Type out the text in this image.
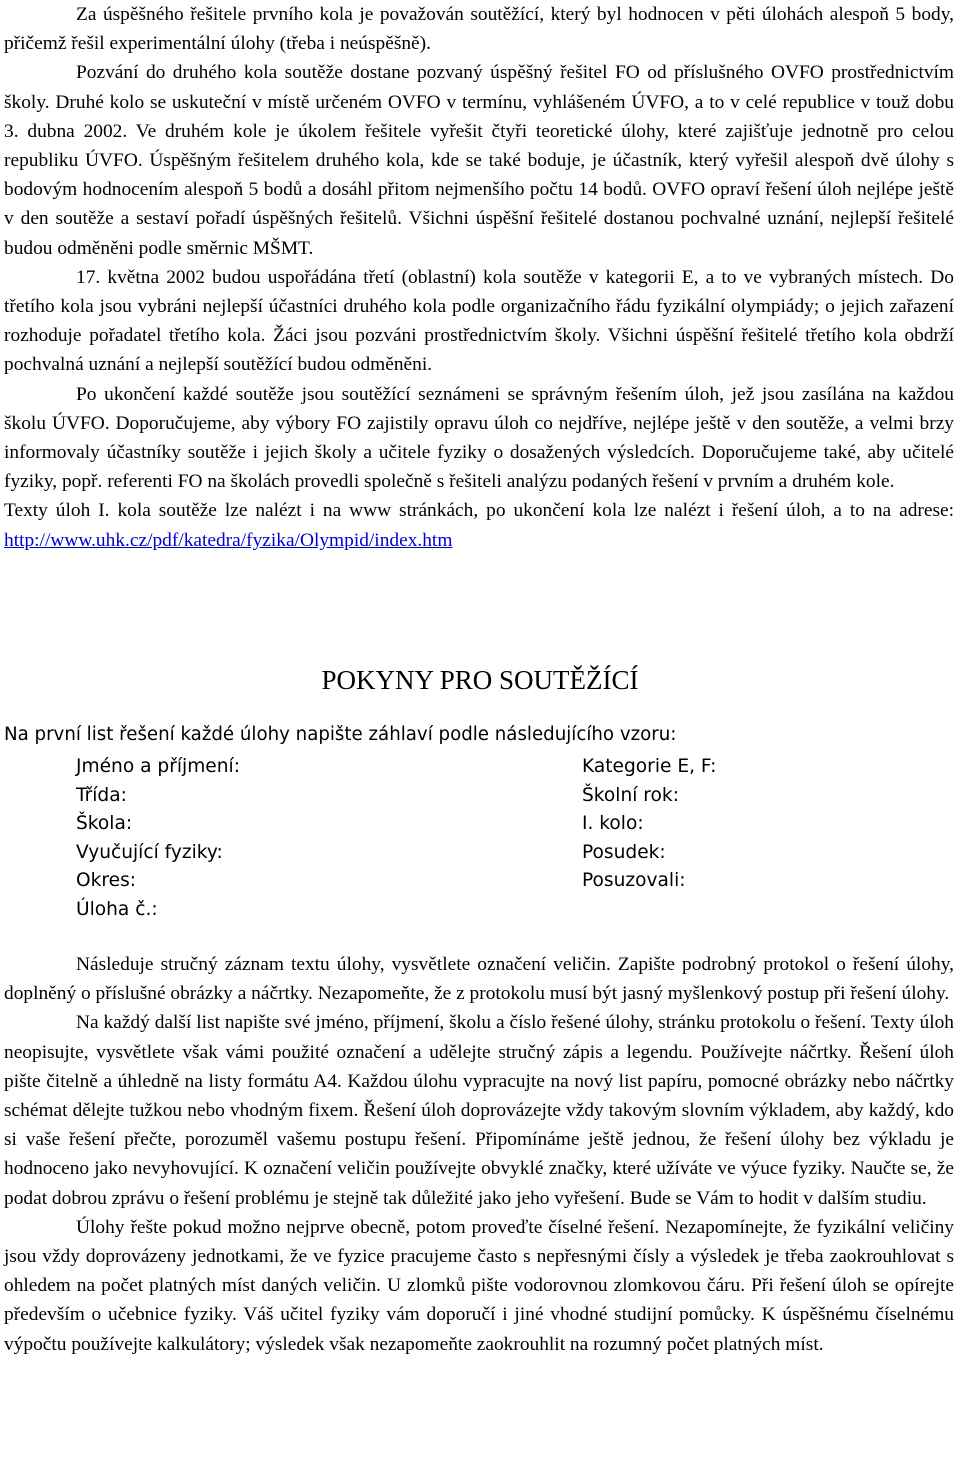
Za úspěšného řešitele prvního kola je považován soutěžící, který byl hodnocen v pěti úlohách alespoň 5 body, přičemž řešil experimentální úlohy (třeba i neúspěšně).

Pozvání do druhého kola soutěže dostane pozvaný úspěšný řešitel FO od příslušného OVFO prostřednictvím školy. Druhé kolo se uskuteční v místě určeném OVFO v termínu, vyhlášeném ÚVFO, a to v celé republice v touž dobu 3. dubna 2002. Ve druhém kole je úkolem řešitele vyřešit čtyři teoretické úlohy, které zajišťuje jednotně pro celou republiku ÚVFO. Úspěšným řešitelem druhého kola, kde se také boduje, je účastník, který vyřešil alespoň dvě úlohy s bodovým hodnocením alespoň 5 bodů a dosáhl přitom nejmenšího počtu 14 bodů. OVFO opraví řešení úloh nejlépe ještě v den soutěže a sestaví pořadí úspěšných řešitelů. Všichni úspěšní řešitelé dostanou pochvalné uznání, nejlepší řešitelé budou odměněni podle směrnic MŠMT.

17. května 2002 budou uspořádána třetí (oblastní) kola soutěže v kategorii E, a to ve vybraných místech. Do třetího kola jsou vybráni nejlepší účastníci druhého kola podle organizačního řádu fyzikální olympiády; o jejich zařazení rozhoduje pořadatel třetího kola. Žáci jsou pozváni prostřednictvím školy. Všichni úspěšní řešitelé třetího kola obdrží pochvalná uznání a nejlepší soutěžící budou odměněni.

Po ukončení každé soutěže jsou soutěžící seznámeni se správným řešením úloh, jež jsou zasílána na každou školu ÚVFO. Doporučujeme, aby výbory FO zajistily opravu úloh co nejdříve, nejlépe ještě v den soutěže, a velmi brzy informovaly účastníky soutěže i jejich školy a učitele fyziky o dosažených výsledcích. Doporučujeme také, aby učitelé fyziky, popř. referenti FO na školách provedli společně s řešiteli analýzu podaných řešení v prvním a druhém kole.

Texty úloh I. kola soutěže lze nalézt i na www stránkách, po ukončení kola lze nalézt i řešení úloh, a to na adrese: http://www.uhk.cz/pdf/katedra/fyzika/Olympid/index.htm

POKYNY PRO SOUTĚŽÍCÍ

Na první list řešení každé úlohy napište záhlaví podle následujícího vzoru:

Jméno a příjmení:	Kategorie E, F:
Třída:	Školní rok:
Škola:	I. kolo:
Vyučující fyziky:	Posudek:
Okres:	Posuzovali:
Úloha č.:

Následuje stručný záznam textu úlohy, vysvětlete označení veličin. Zapište podrobný protokol o řešení úlohy, doplněný o příslušné obrázky a náčrtky. Nezapomeňte, že z protokolu musí být jasný myšlenkový postup při řešení úlohy.

Na každý další list napište své jméno, příjmení, školu a číslo řešené úlohy, stránku protokolu o řešení. Texty úloh neopisujte, vysvětlete však vámi použité označení a udělejte stručný zápis a legendu. Používejte náčrtky. Řešení úloh pište čitelně a úhledně na listy formátu A4. Každou úlohu vypracujte na nový list papíru, pomocné obrázky nebo náčrtky schémat dělejte tužkou nebo vhodným fixem. Řešení úloh doprovázejte vždy takovým slovním výkladem, aby každý, kdo si vaše řešení přečte, porozuměl vašemu postupu řešení. Připomínáme ještě jednou, že řešení úlohy bez výkladu je hodnoceno jako nevyhovující. K označení veličin používejte obvyklé značky, které užíváte ve výuce fyziky. Naučte se, že podat dobrou zprávu o řešení problému je stejně tak důležité jako jeho vyřešení. Bude se Vám to hodit v dalším studiu.

Úlohy řešte pokud možno nejprve obecně, potom proveďte číselné řešení. Nezapomínejte, že fyzikální veličiny jsou vždy doprovázeny jednotkami, že ve fyzice pracujeme často s nepřesnými čísly a výsledek je třeba zaokrouhlovat s ohledem na počet platných míst daných veličin. U zlomků pište vodorovnou zlomkovou čáru. Při řešení úloh se opírejte především o učebnice fyziky. Váš učitel fyziky vám doporučí i jiné vhodné studijní pomůcky. K úspěšnému číselnému výpočtu používejte kalkulátory; výsledek však nezapomeňte zaokrouhlit na rozumný počet platných míst.
